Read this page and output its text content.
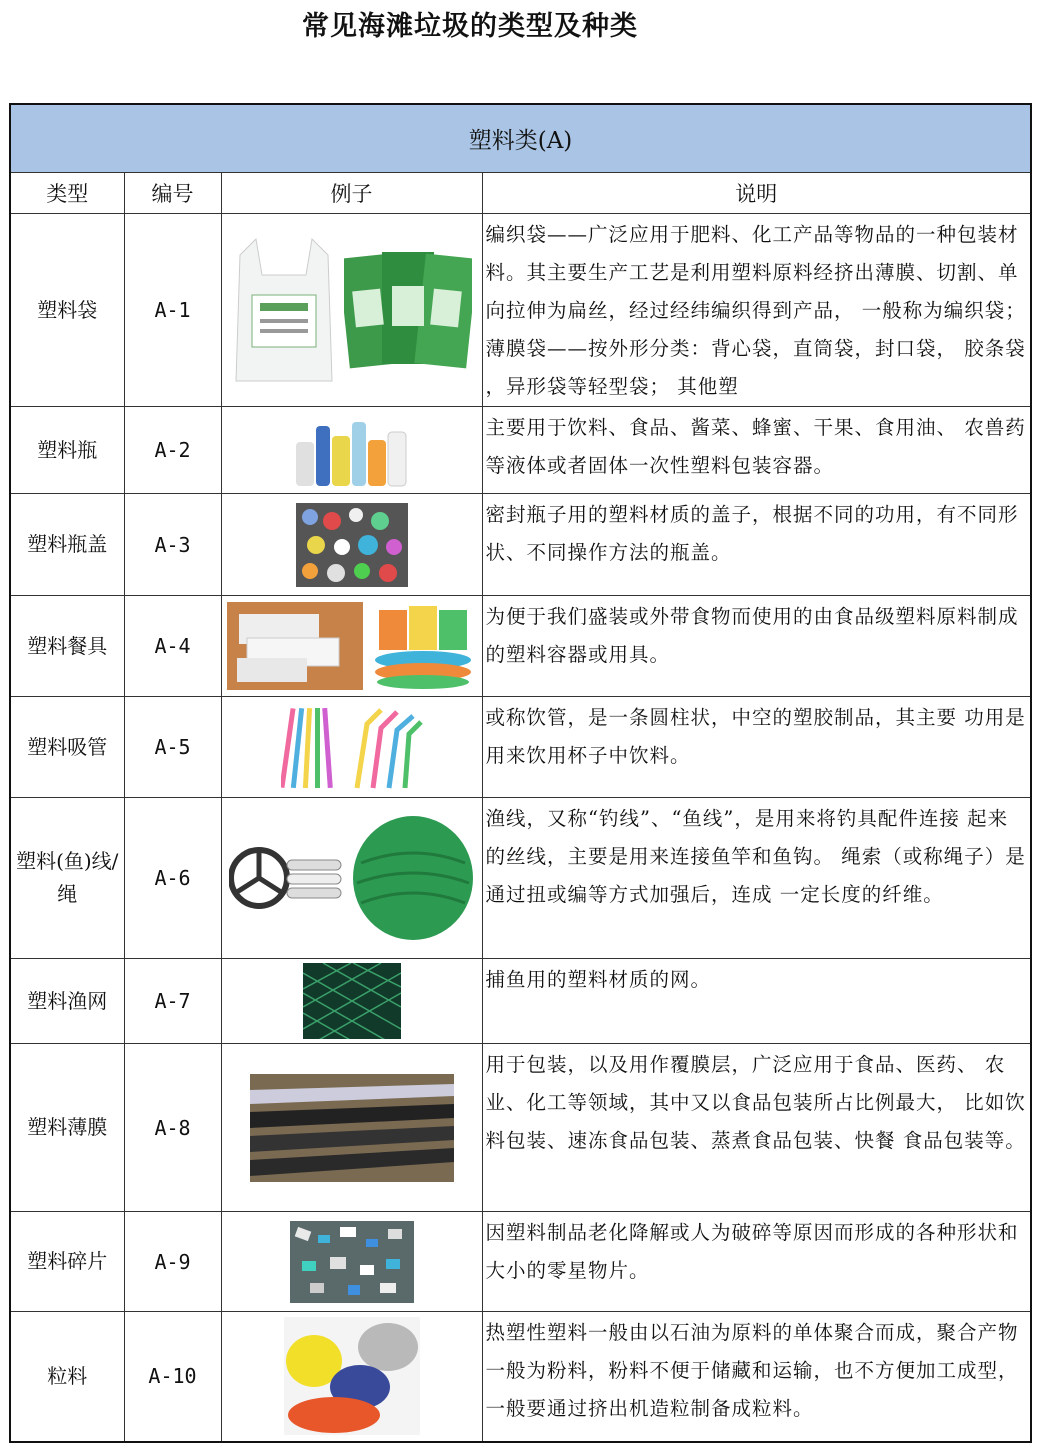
常见海滩垃圾的类型及种类
塑料类(A)			
类型	编号	例子	说明
塑料袋	A-1		编织袋——广泛应用于肥料、化工产品等物品的一种包装材料。其主要生产工艺是利用塑料原料经挤出薄膜、切割、单向拉伸为扁丝，经过经纬编织得到产品， 一般称为编织袋； 薄膜袋——按外形分类：背心袋，直筒袋，封口袋， 胶条袋 ，异形袋等轻型袋； 其他塑
塑料瓶	A-2		主要用于饮料、食品、酱菜、蜂蜜、干果、食用油、 农兽药等液体或者固体一次性塑料包装容器。
塑料瓶盖	A-3		密封瓶子用的塑料材质的盖子，根据不同的功用，有不同形状、不同操作方法的瓶盖。
塑料餐具	A-4		为便于我们盛装或外带食物而使用的由食品级塑料原料制成的塑料容器或用具。
塑料吸管	A-5		或称饮管，是一条圆柱状，中空的塑胶制品，其主要 功用是用来饮用杯子中饮料。
塑料(鱼)线/绳	A-6		渔线，又称“钓线”、“鱼线”，是用来将钓具配件连接 起来的丝线，主要是用来连接鱼竿和鱼钩。 绳索（或称绳子）是通过扭或编等方式加强后，连成 一定长度的纤维。
塑料渔网	A-7		捕鱼用的塑料材质的网。
塑料薄膜	A-8		用于包装，以及用作覆膜层，广泛应用于食品、医药、 农业、化工等领域，其中又以食品包装所占比例最大， 比如饮料包装、速冻食品包装、蒸煮食品包装、快餐 食品包装等。
塑料碎片	A-9		因塑料制品老化降解或人为破碎等原因而形成的各种形状和大小的零星物片。
粒料	A-10		热塑性塑料一般由以石油为原料的单体聚合而成，聚合产物一般为粉料，粉料不便于储藏和运输，也不方便加工成型，一般要通过挤出机造粒制备成粒料。
